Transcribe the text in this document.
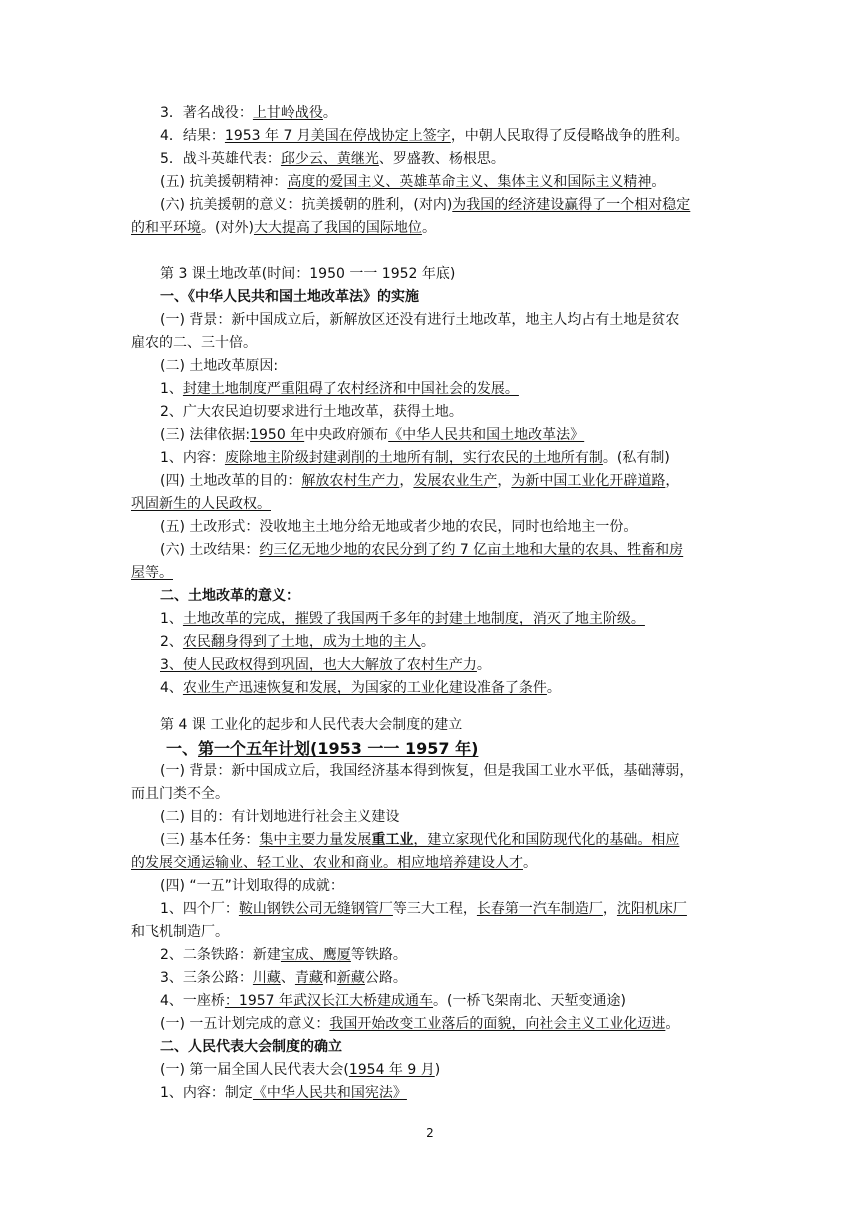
3．著名战役：上甘岭战役。
4．结果：1953 年 7 月美国在停战协定上签字，中朝人民取得了反侵略战争的胜利。
5．战斗英雄代表：邱少云、黄继光、罗盛教、杨根思。
(五) 抗美援朝精神：高度的爱国主义、英雄革命主义、集体主义和国际主义精神。
(六) 抗美援朝的意义：抗美援朝的胜利，(对内)为我国的经济建设赢得了一个相对稳定
的和平环境。(对外)大大提高了我国的国际地位。
第 3 课土地改革(时间：1950 一一 1952 年底)
一、《中华人民共和国土地改革法》的实施
(一) 背景：新中国成立后，新解放区还没有进行土地改革，地主人均占有土地是贫农
雇农的二、三十倍。
(二) 土地改革原因:
1、封建土地制度严重阻碍了农村经济和中国社会的发展。
2、广大农民迫切要求进行土地改革，获得土地。
(三) 法律依据:1950 年中央政府颁布《中华人民共和国土地改革法》
1、内容：废除地主阶级封建剥削的土地所有制，实行农民的土地所有制。(私有制)
(四) 土地改革的目的：解放农村生产力，发展农业生产，为新中国工业化开辟道路，
巩固新生的人民政权。
(五) 土改形式：没收地主土地分给无地或者少地的农民，同时也给地主一份。
(六) 土改结果：约三亿无地少地的农民分到了约 7 亿亩土地和大量的农具、牲畜和房
屋等。
二、土地改革的意义：
1、土地改革的完成，摧毁了我国两千多年的封建土地制度，消灭了地主阶级。
2、农民翻身得到了土地，成为土地的主人。
3、使人民政权得到巩固，也大大解放了农村生产力。
4、农业生产迅速恢复和发展，为国家的工业化建设准备了条件。
第 4 课 工业化的起步和人民代表大会制度的建立
一、第一个五年计划(1953 一一 1957 年)
(一) 背景：新中国成立后，我国经济基本得到恢复，但是我国工业水平低，基础薄弱，
而且门类不全。
(二) 目的：有计划地进行社会主义建设
(三) 基本任务：集中主要力量发展重工业，建立家现代化和国防现代化的基础。相应
的发展交通运输业、轻工业、农业和商业。相应地培养建设人才。
(四) “一五”计划取得的成就：
1、四个厂：鞍山钢铁公司无缝钢管厂等三大工程，长春第一汽车制造厂，沈阳机床厂
和飞机制造厂。
2、二条铁路：新建宝成、鹰厦等铁路。
3、三条公路：川藏、青藏和新藏公路。
4、一座桥：1957 年武汉长江大桥建成通车。(一桥飞架南北、天堑变通途)
(一) 一五计划完成的意义：我国开始改变工业落后的面貌，向社会主义工业化迈进。
二、人民代表大会制度的确立
(一) 第一届全国人民代表大会(1954 年 9 月)
1、内容：制定《中华人民共和国宪法》
2
